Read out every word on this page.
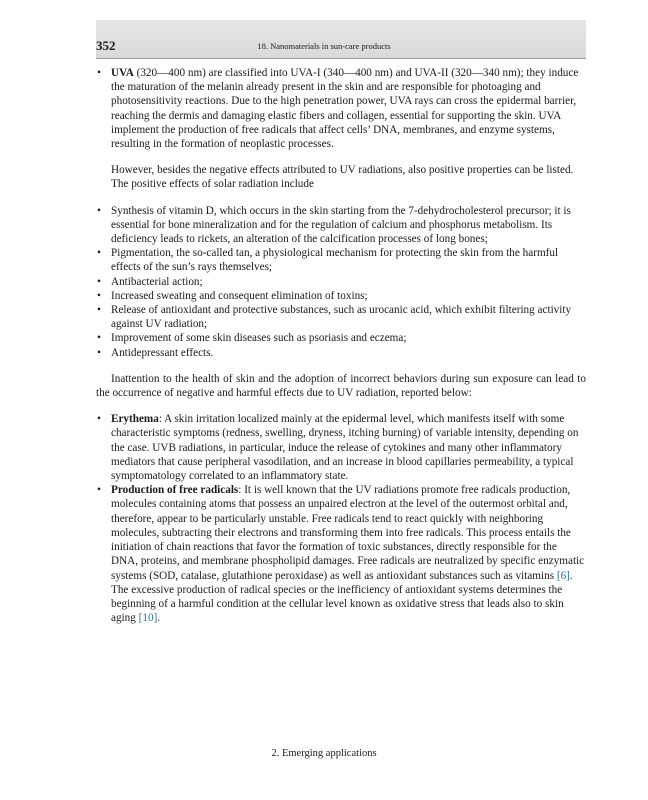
352	18. Nanomaterials in sun-care products
• UVA (320—400 nm) are classified into UVA-I (340—400 nm) and UVA-II (320—340 nm); they induce the maturation of the melanin already present in the skin and are responsible for photoaging and photosensitivity reactions. Due to the high penetration power, UVA rays can cross the epidermal barrier, reaching the dermis and damaging elastic fibers and collagen, essential for supporting the skin. UVA implement the production of free radicals that affect cells’ DNA, membranes, and enzyme systems, resulting in the formation of neoplastic processes.

However, besides the negative effects attributed to UV radiations, also positive properties can be listed.

The positive effects of solar radiation include

• Synthesis of vitamin D, which occurs in the skin starting from the 7-dehydrocholesterol precursor; it is essential for bone mineralization and for the regulation of calcium and phosphorus metabolism. Its deficiency leads to rickets, an alteration of the calcification processes of long bones;
• Pigmentation, the so-called tan, a physiological mechanism for protecting the skin from the harmful effects of the sun’s rays themselves;
• Antibacterial action;
• Increased sweating and consequent elimination of toxins;
• Release of antioxidant and protective substances, such as urocanic acid, which exhibit filtering activity against UV radiation;
• Improvement of some skin diseases such as psoriasis and eczema;
• Antidepressant effects.

Inattention to the health of skin and the adoption of incorrect behaviors during sun exposure can lead to the occurrence of negative and harmful effects due to UV radiation, reported below:

• Erythema: A skin irritation localized mainly at the epidermal level, which manifests itself with some characteristic symptoms (redness, swelling, dryness, itching burning) of variable intensity, depending on the case. UVB radiations, in particular, induce the release of cytokines and many other inflammatory mediators that cause peripheral vasodilation, and an increase in blood capillaries permeability, a typical symptomatology correlated to an inflammatory state.
• Production of free radicals: It is well known that the UV radiations promote free radicals production, molecules containing atoms that possess an unpaired electron at the level of the outermost orbital and, therefore, appear to be particularly unstable. Free radicals tend to react quickly with neighboring molecules, subtracting their electrons and transforming them into free radicals. This process entails the initiation of chain reactions that favor the formation of toxic substances, directly responsible for the DNA, proteins, and membrane phospholipid damages. Free radicals are neutralized by specific enzymatic systems (SOD, catalase, glutathione peroxidase) as well as antioxidant substances such as vitamins [6]. The excessive production of radical species or the inefficiency of antioxidant systems determines the beginning of a harmful condition at the cellular level known as oxidative stress that leads also to skin aging [10].
2. Emerging applications
